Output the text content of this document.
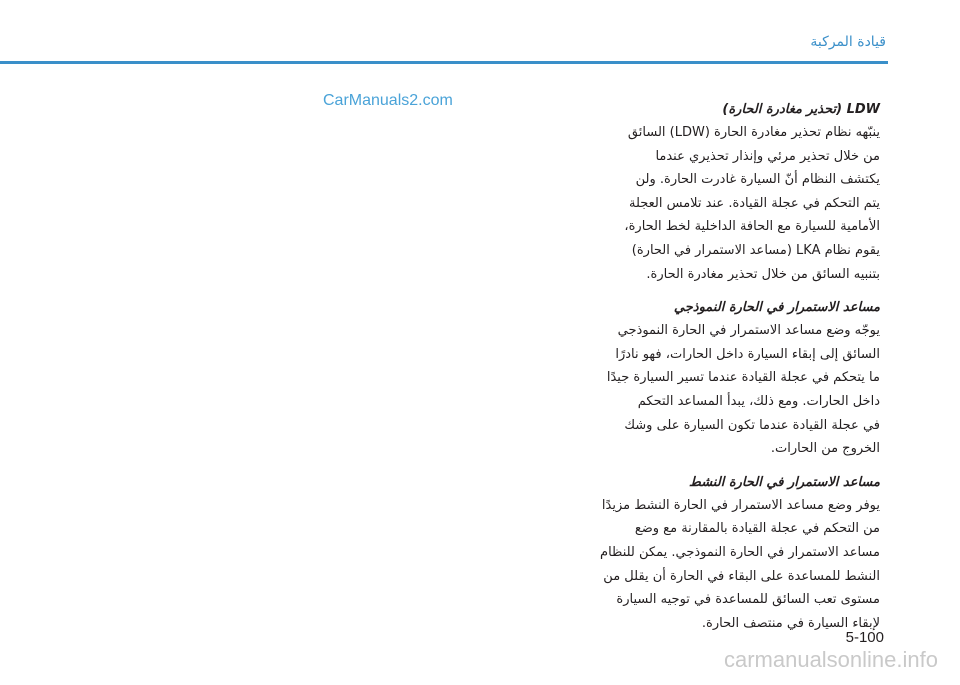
قيادة المركبة
CarManuals2.com
LDW (تحذير مغادرة الحارة)
ينبّهه نظام تحذير مغادرة الحارة (LDW) السائق
من خلال تحذير مرئي وإنذار تحذيري عندما
يكتشف النظام أنّ السيارة غادرت الحارة. ولن
يتم التحكم في عجلة القيادة. عند تلامس العجلة
الأمامية للسيارة مع الحافة الداخلية لخط الحارة،
يقوم نظام LKA (مساعد الاستمرار في الحارة)
بتنبيه السائق من خلال تحذير مغادرة الحارة.
مساعد الاستمرار في الحارة النموذجي
يوجّه وضع مساعد الاستمرار في الحارة النموذجي
السائق إلى إبقاء السيارة داخل الحارات، فهو نادرًا
ما يتحكم في عجلة القيادة عندما تسير السيارة جيدًا
داخل الحارات. ومع ذلك، يبدأ المساعد التحكم
في عجلة القيادة عندما تكون السيارة على وشك
الخروج من الحارات.
مساعد الاستمرار في الحارة النشط
يوفر وضع مساعد الاستمرار في الحارة النشط مزيدًا
من التحكم في عجلة القيادة بالمقارنة مع وضع
مساعد الاستمرار في الحارة النموذجي. يمكن للنظام
النشط للمساعدة على البقاء في الحارة أن يقلل من
مستوى تعب السائق للمساعدة في توجيه السيارة
لإبقاء السيارة في منتصف الحارة.
5-100
carmanualsonline.info
